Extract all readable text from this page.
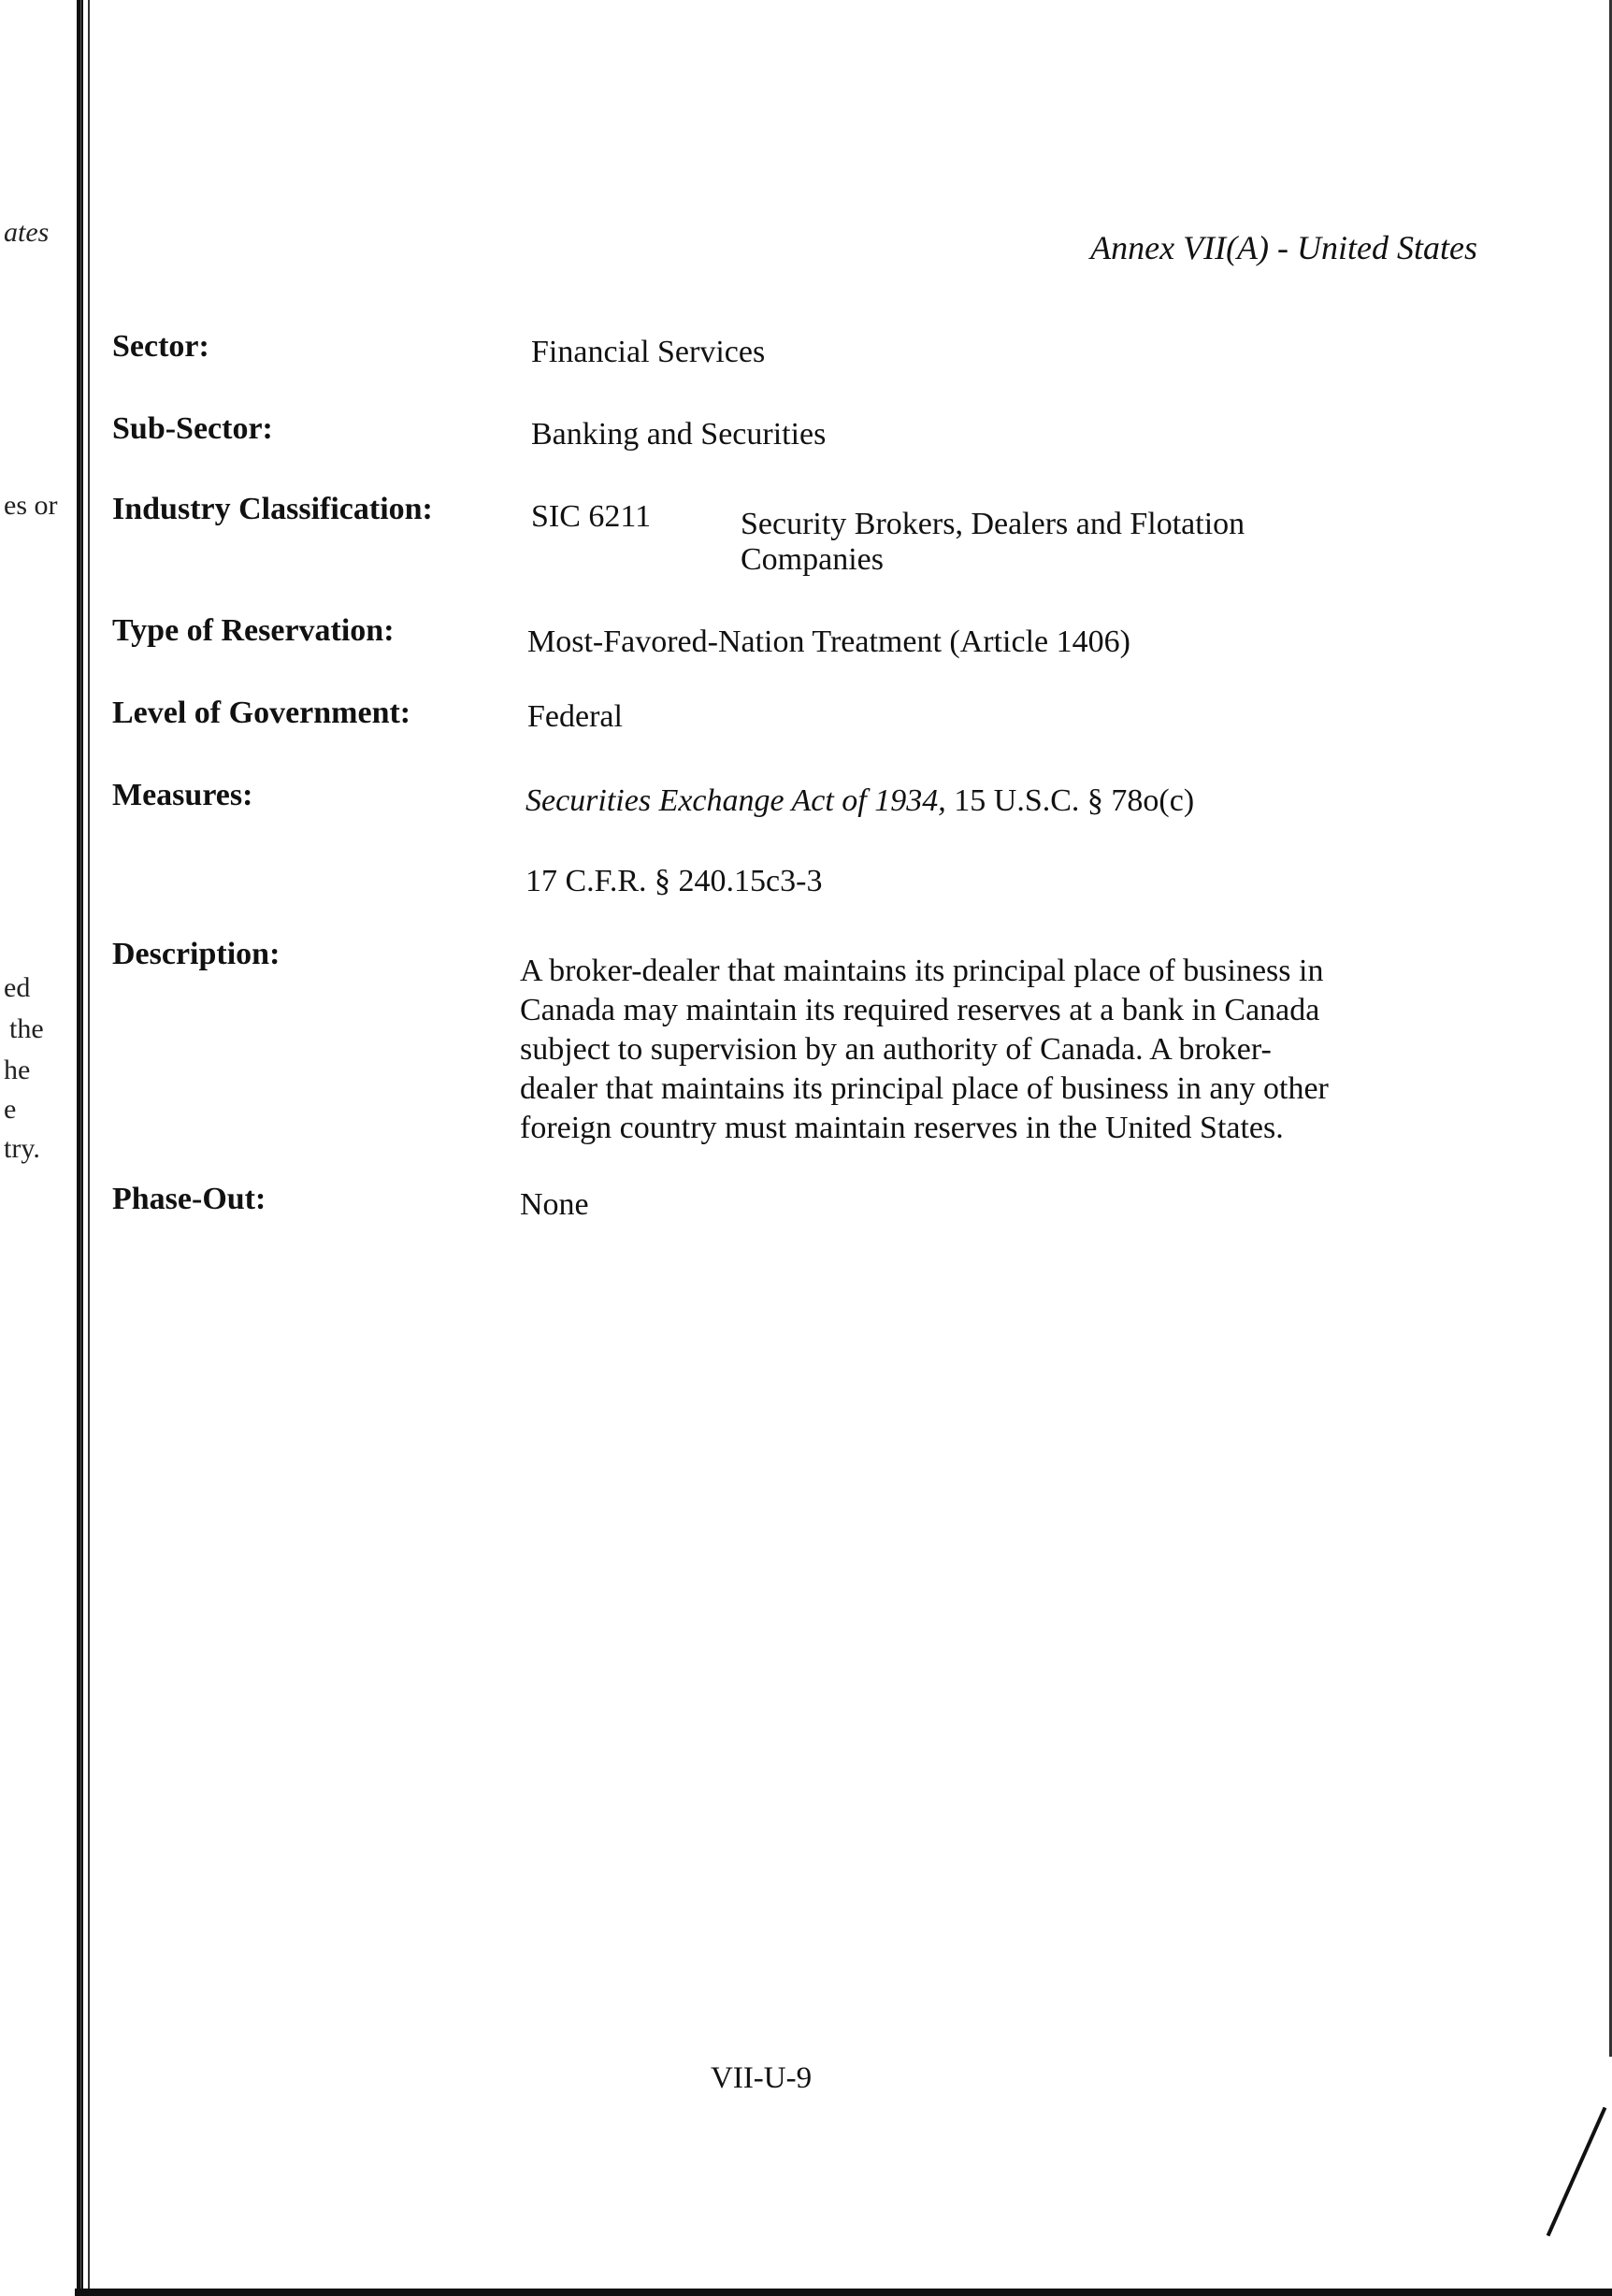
ates
es or
ed
the
he
e
try.
Annex VII(A) - United States
Sector:	Financial Services
Sub-Sector:	Banking and Securities
Industry Classification:	SIC 6211	Security Brokers, Dealers and Flotation
Companies
Type of Reservation:	Most-Favored-Nation Treatment (Article 1406)
Level of Government:	Federal
Measures:	Securities Exchange Act of 1934, 15 U.S.C. § 78o(c)
17 C.F.R. § 240.15c3-3
Description:	A broker-dealer that maintains its principal place of business in
Canada may maintain its required reserves at a bank in Canada
subject to supervision by an authority of Canada. A broker-
dealer that maintains its principal place of business in any other
foreign country must maintain reserves in the United States.
Phase-Out:	None
VII-U-9
